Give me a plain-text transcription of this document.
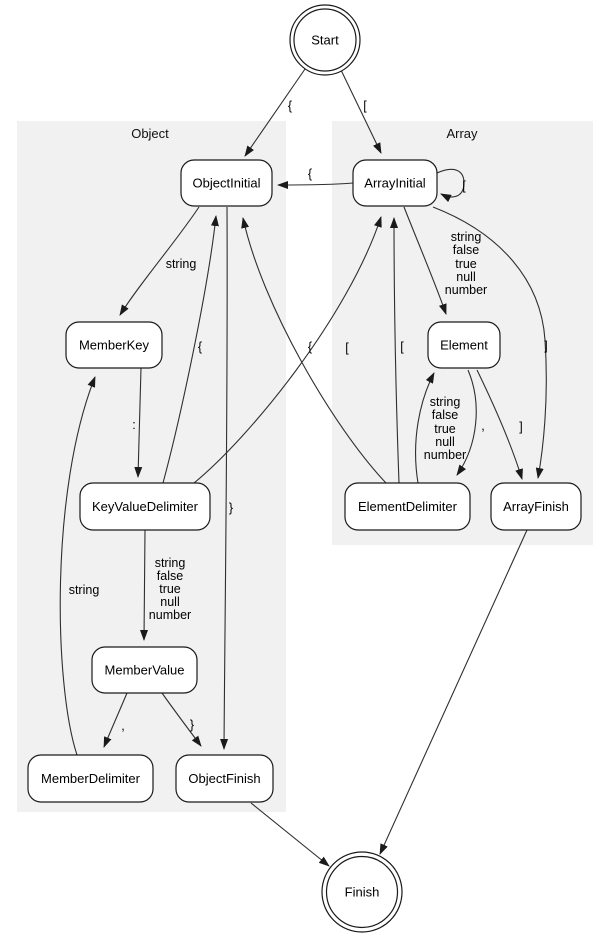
Object	Array
{	[
{
[
]
[
[
{
{
string
}
:
,	}
string
,	]
string
false
true
null
number
string
false
true
null
number
string
false
true
null
number
Start
ObjectInitial	ArrayInitial
MemberKey	Element
KeyValueDelimiter	ElementDelimiter	ArrayFinish
MemberValue
MemberDelimiter	ObjectFinish
Finish
